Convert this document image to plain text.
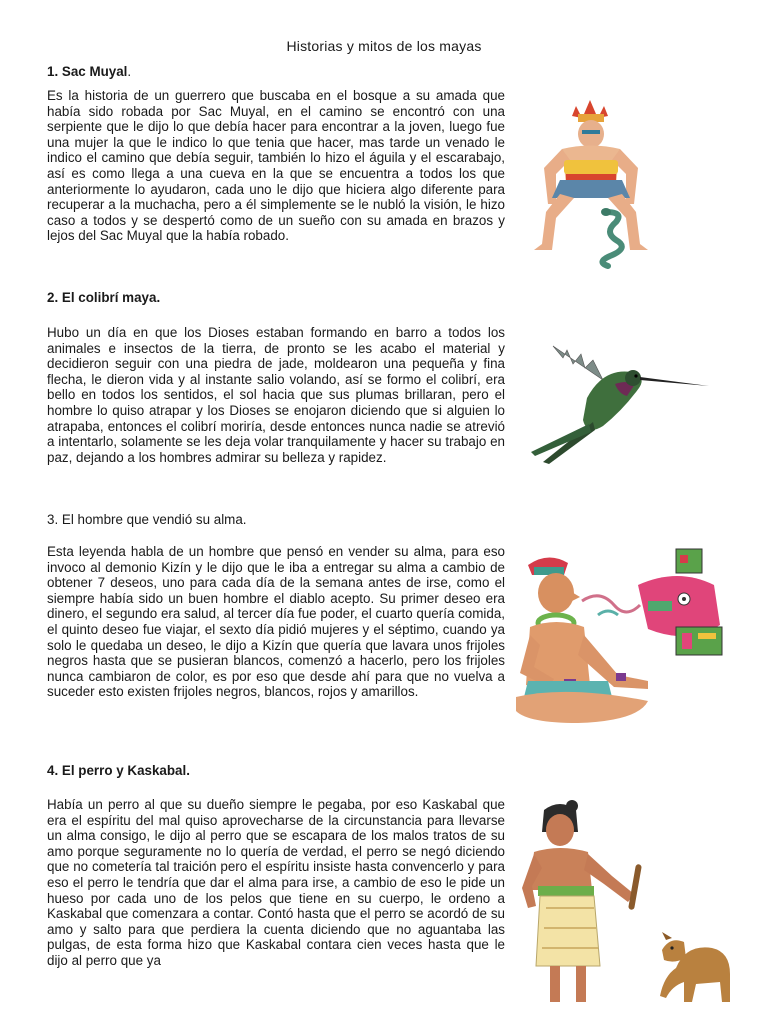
Historias y mitos de los mayas
1. Sac Muyal.

Es la historia de un guerrero que buscaba en el bosque a su amada que había sido robada por Sac Muyal, en el camino se encontró con una serpiente que le dijo lo que debía hacer para encontrar a la joven, luego fue una mujer la que le indico lo que tenia que hacer, mas tarde un venado le indico el camino que debía seguir, también lo hizo el águila y el escarabajo, así es como llega a una cueva en la que se encuentra a todos los que anteriormente lo ayudaron, cada uno le dijo que hiciera algo diferente para recuperar a la muchacha, pero a él simplemente se le nubló la visión, le hizo caso a todos y se despertó como de un sueño con su amada en brazos y lejos del Sac Muyal que la había robado.

2. El colibrí maya.

Hubo un día en que los Dioses estaban formando en barro a todos los animales e insectos de la tierra, de pronto se les acabo el material y decidieron seguir con una piedra de jade, moldearon una pequeña y fina flecha, le dieron vida y al instante salio volando, así se formo el colibrí, era bello en todos los sentidos, el sol hacia que sus plumas brillaran, pero el hombre lo quiso atrapar y los Dioses se enojaron diciendo que si alguien lo atrapaba, entonces el colibrí moriría, desde entonces nunca nadie se atrevió a intentarlo, solamente se les deja volar tranquilamente y hacer su trabajo en paz, dejando a los hombres admirar su belleza y rapidez.

3. El hombre que vendió su alma.

Esta leyenda habla de un hombre que pensó en vender su alma, para eso invoco al demonio Kizín y le dijo que le iba a entregar su alma a cambio de obtener 7 deseos, uno para cada día de la semana antes de irse, como el siempre había sido un buen hombre el diablo acepto. Su primer deseo era dinero, el segundo era salud, al tercer día fue poder, el cuarto quería comida, el quinto deseo fue viajar, el sexto día pidió mujeres y el séptimo, cuando ya solo le quedaba un deseo, le dijo a Kizín que quería que lavara unos frijoles negros hasta que se pusieran blancos, comenzó a hacerlo, pero los frijoles nunca cambiaron de color, es por eso que desde ahí para que no vuelva a suceder esto existen frijoles negros, blancos, rojos y amarillos.

4. El perro y Kaskabal.

Había un perro al que su dueño siempre le pegaba, por eso Kaskabal que era el espíritu del mal quiso aprovecharse de la circunstancia para llevarse un alma consigo, le dijo al perro que se escapara de los malos tratos de su amo porque seguramente no lo quería de verdad, el perro se negó diciendo que no cometería tal traición pero el espíritu insiste hasta convencerlo y para eso el perro le tendría que dar el alma para irse, a cambio de eso le pide un hueso por cada uno de los pelos que tiene en su cuerpo, le ordeno a Kaskabal que comenzara a contar. Contó hasta que el perro se acordó de su amo y salto para que perdiera la cuenta diciendo que no aguantaba las pulgas, de esta forma hizo que Kaskabal contara cien veces hasta que le dijo al perro que ya
